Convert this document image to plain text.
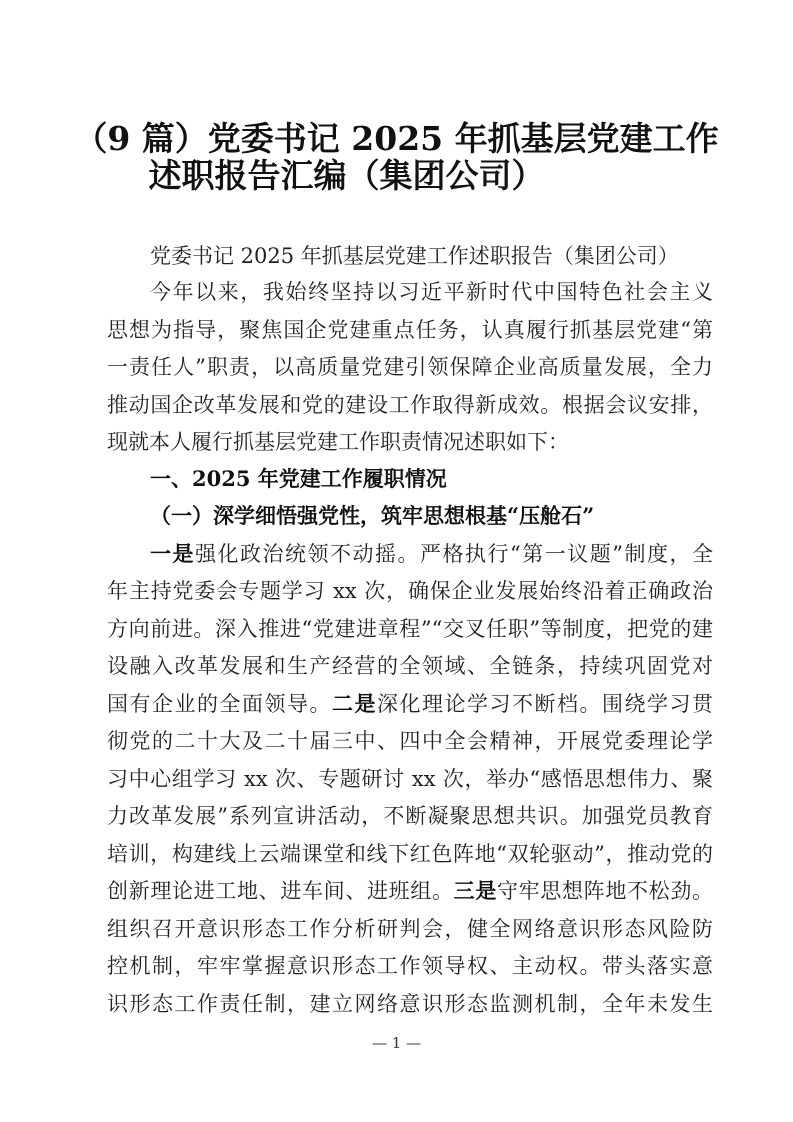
（9 篇）党委书记 2025 年抓基层党建工作
述职报告汇编（集团公司）
党委书记 2025 年抓基层党建工作述职报告（集团公司）
今年以来，我始终坚持以习近平新时代中国特色社会主义
思想为指导，聚焦国企党建重点任务，认真履行抓基层党建“第
一责任人”职责，以高质量党建引领保障企业高质量发展，全力
推动国企改革发展和党的建设工作取得新成效。根据会议安排，
现就本人履行抓基层党建工作职责情况述职如下：
一、2025 年党建工作履职情况
（一）深学细悟强党性，筑牢思想根基“压舱石”
一是强化政治统领不动摇。严格执行“第一议题”制度，全
年主持党委会专题学习 xx 次，确保企业发展始终沿着正确政治
方向前进。深入推进“党建进章程”“交叉任职”等制度，把党的建
设融入改革发展和生产经营的全领域、全链条，持续巩固党对
国有企业的全面领导。二是深化理论学习不断档。围绕学习贯
彻党的二十大及二十届三中、四中全会精神，开展党委理论学
习中心组学习 xx 次、专题研讨 xx 次，举办“感悟思想伟力、聚
力改革发展”系列宣讲活动，不断凝聚思想共识。加强党员教育
培训，构建线上云端课堂和线下红色阵地“双轮驱动”，推动党的
创新理论进工地、进车间、进班组。三是守牢思想阵地不松劲。
组织召开意识形态工作分析研判会，健全网络意识形态风险防
控机制，牢牢掌握意识形态工作领导权、主动权。带头落实意
识形态工作责任制，建立网络意识形态监测机制，全年未发生
— 1 —
